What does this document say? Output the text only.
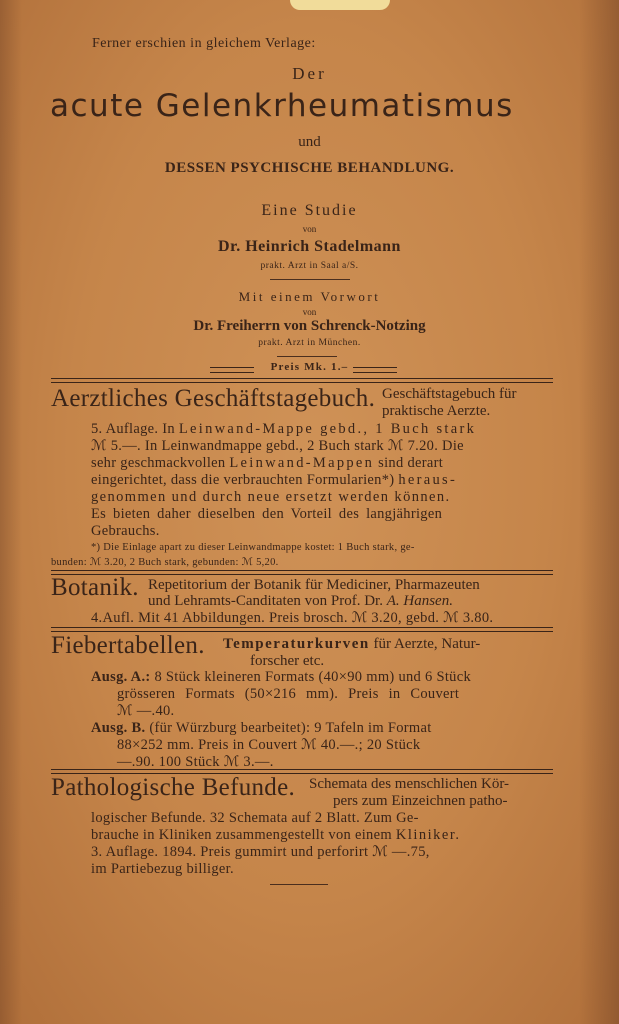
Ferner erschien in gleichem Verlage:
Der
acute Gelenkrheumatismus
und
DESSEN PSYCHISCHE BEHANDLUNG.
Eine Studie
von
Dr. Heinrich Stadelmann
prakt. Arzt in Saal a/S.
Mit einem Vorwort
von
Dr. Freiherrn von Schrenck-Notzing
prakt. Arzt in München.
Preis Mk. 1.–
Aerztliches Geschäftstagebuch. Geschäftstagebuch für
praktische Aerzte.
5. Auflage. In Leinwand-Mappe gebd., 1 Buch stark
ℳ 5.—. In Leinwandmappe gebd., 2 Buch stark ℳ 7.20. Die
sehr geschmackvollen Leinwand-Mappen sind derart
eingerichtet, dass die verbrauchten Formularien*) heraus-
genommen und durch neue ersetzt werden können.
Es bieten daher dieselben den Vorteil des langjährigen
Gebrauchs.
*) Die Einlage apart zu dieser Leinwandmappe kostet: 1 Buch stark, ge-
bunden: ℳ 3.20, 2 Buch stark, gebunden: ℳ 5,20.
Botanik. Repetitorium der Botanik für Mediciner, Pharmazeuten
und Lehramts-Canditaten von Prof. Dr. A. Hansen.
4.Aufl. Mit 41 Abbildungen. Preis brosch. ℳ 3.20, gebd. ℳ 3.80.
Fiebertabellen. Temperaturkurven für Aerzte, Natur-
forscher etc.
Ausg. A.: 8 Stück kleineren Formats (40×90 mm) und 6 Stück
grösseren Formats (50×216 mm). Preis in Couvert
ℳ —.40.
Ausg. B. (für Würzburg bearbeitet): 9 Tafeln im Format
88×252 mm. Preis in Couvert ℳ 40.—.; 20 Stück
—.90. 100 Stück ℳ 3.—.
Pathologische Befunde. Schemata des menschlichen Kör-
pers zum Einzeichnen patho-
logischer Befunde. 32 Schemata auf 2 Blatt. Zum Ge-
brauche in Kliniken zusammengestellt von einem Kliniker.
3. Auflage. 1894. Preis gummirt und perforirt ℳ —.75,
im Partiebezug billiger.
